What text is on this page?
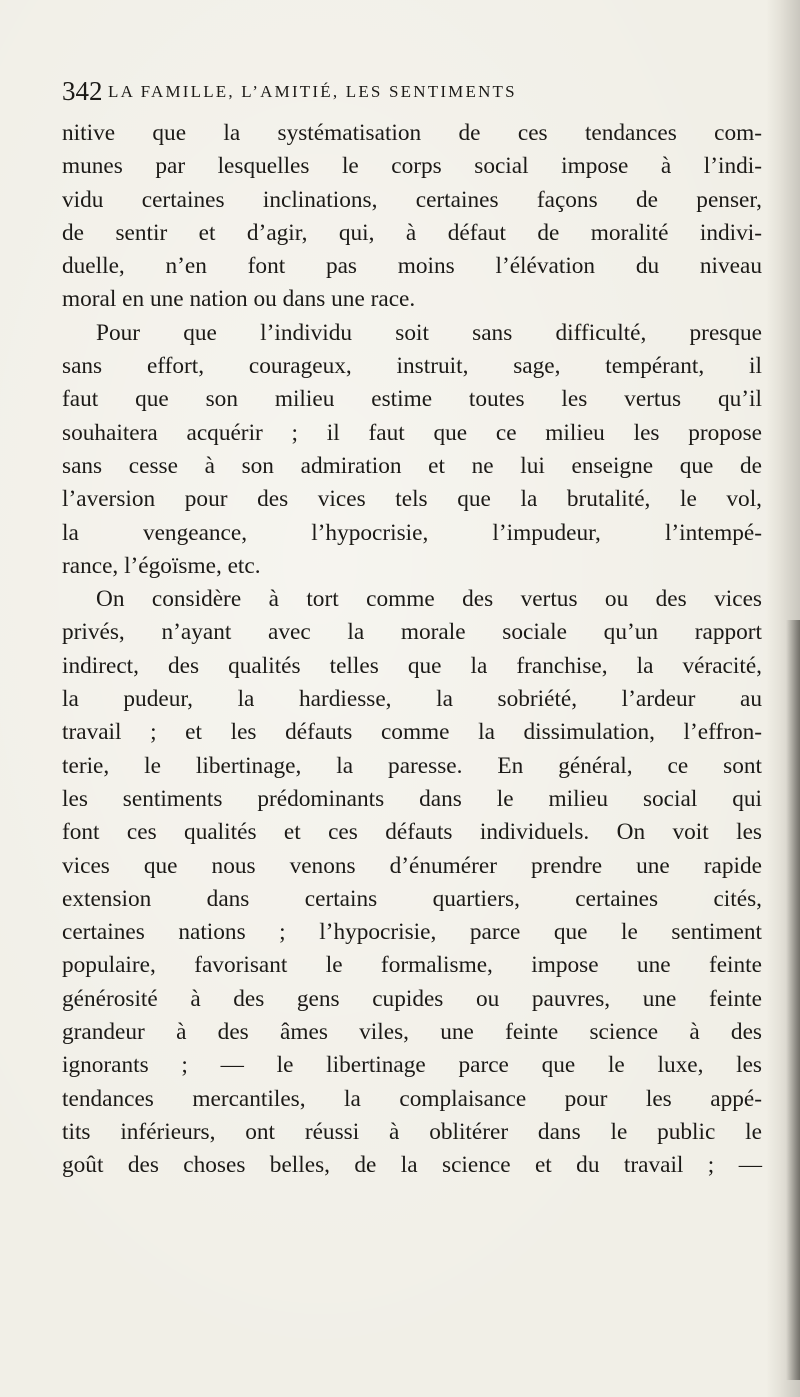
342 LA FAMILLE, L’AMITIÉ, LES SENTIMENTS
nitive que la systématisation de ces tendances com-
munes par lesquelles le corps social impose à l’indi-
vidu certaines inclinations, certaines façons de penser,
de sentir et d’agir, qui, à défaut de moralité indivi-
duelle, n’en font pas moins l’élévation du niveau
moral en une nation ou dans une race.
Pour que l’individu soit sans difficulté, presque
sans effort, courageux, instruit, sage, tempérant, il
faut que son milieu estime toutes les vertus qu’il
souhaitera acquérir ; il faut que ce milieu les propose
sans cesse à son admiration et ne lui enseigne que de
l’aversion pour des vices tels que la brutalité, le vol,
la vengeance, l’hypocrisie, l’impudeur, l’intempé-
rance, l’égoïsme, etc.
On considère à tort comme des vertus ou des vices
privés, n’ayant avec la morale sociale qu’un rapport
indirect, des qualités telles que la franchise, la véracité,
la pudeur, la hardiesse, la sobriété, l’ardeur au
travail ; et les défauts comme la dissimulation, l’effron-
terie, le libertinage, la paresse. En général, ce sont
les sentiments prédominants dans le milieu social qui
font ces qualités et ces défauts individuels. On voit les
vices que nous venons d’énumérer prendre une rapide
extension dans certains quartiers, certaines cités,
certaines nations ; l’hypocrisie, parce que le sentiment
populaire, favorisant le formalisme, impose une feinte
générosité à des gens cupides ou pauvres, une feinte
grandeur à des âmes viles, une feinte science à des
ignorants ; — le libertinage parce que le luxe, les
tendances mercantiles, la complaisance pour les appé-
tits inférieurs, ont réussi à oblitérer dans le public le
goût des choses belles, de la science et du travail ; —
